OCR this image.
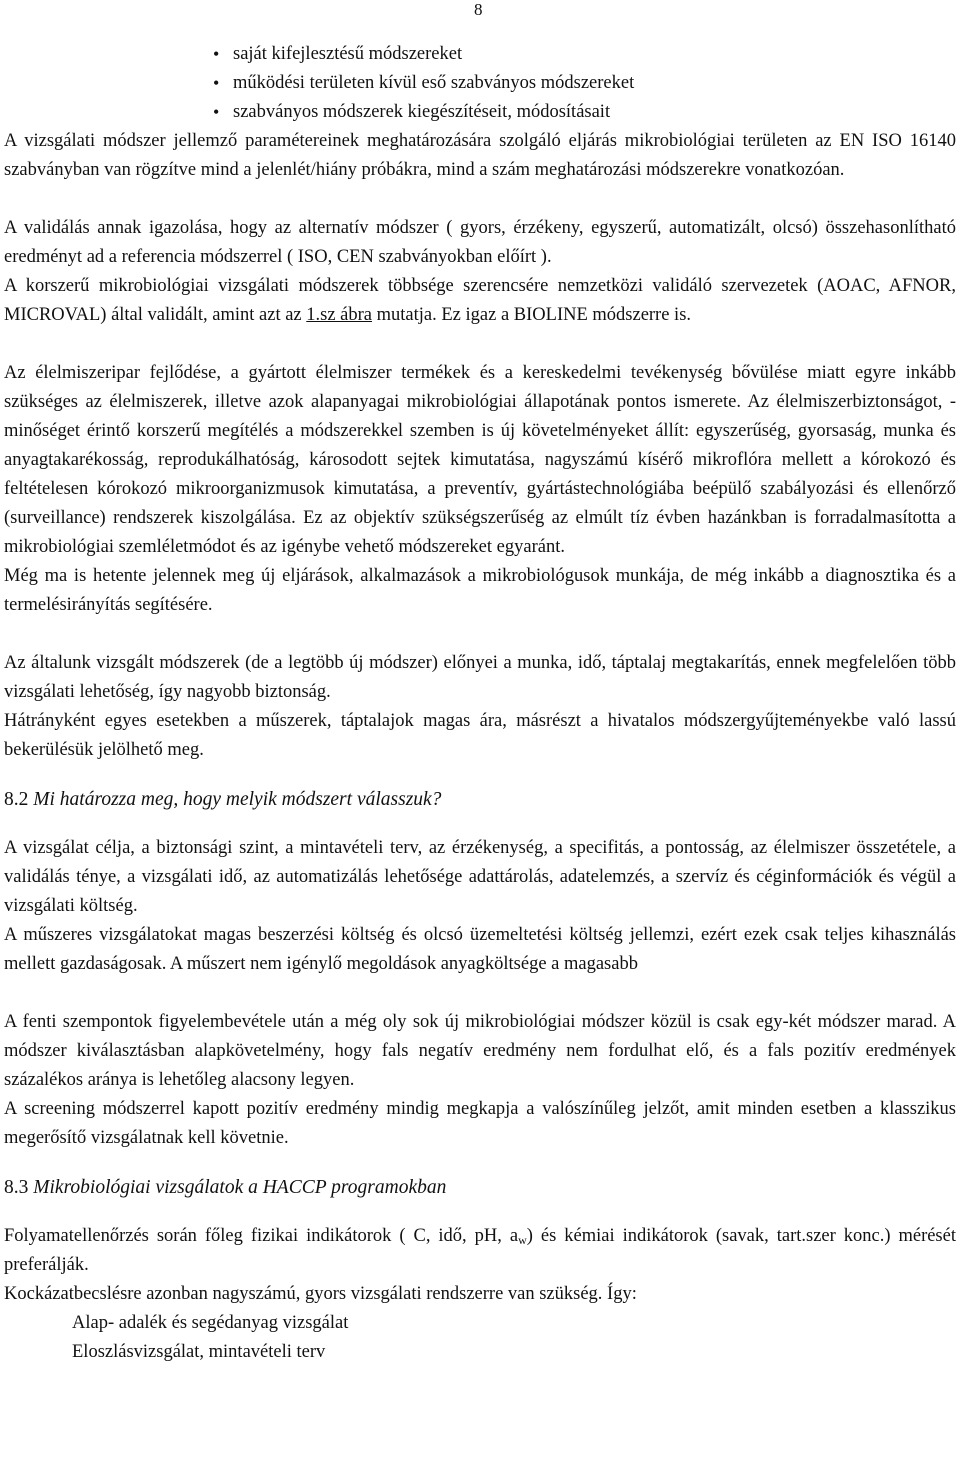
8
• saját kifejlesztésű módszereket
• működési területen kívül eső szabványos módszereket
• szabványos módszerek kiegészítéseit, módosításait

A vizsgálati módszer jellemző paramétereinek meghatározására szolgáló eljárás mikrobiológiai területen az EN ISO 16140 szabványban van rögzítve mind a jelenlét/hiány próbákra, mind a szám meghatározási módszerekre vonatkozóan.

A validálás annak igazolása, hogy az alternatív módszer ( gyors, érzékeny, egyszerű, automatizált, olcsó) összehasonlítható eredményt ad a referencia módszerrel ( ISO, CEN szabványokban előírt ).

A korszerű mikrobiológiai vizsgálati módszerek többsége szerencsére nemzetközi validáló szervezetek (AOAC, AFNOR, MICROVAL) által validált, amint azt az 1.sz ábra mutatja. Ez igaz a BIOLINE módszerre is.

Az élelmiszeripar fejlődése, a gyártott élelmiszer termékek és a kereskedelmi tevékenység bővülése miatt egyre inkább szükséges az élelmiszerek, illetve azok alapanyagai mikrobiológiai állapotának pontos ismerete. Az élelmiszerbiztonságot, -minőséget érintő korszerű megítélés a módszerekkel szemben is új követelményeket állít: egyszerűség, gyorsaság, munka és anyagtakarékosság, reprodukálhatóság, károsodott sejtek kimutatása, nagyszámú kísérő mikroflóra mellett a kórokozó és feltételesen kórokozó mikroorganizmusok kimutatása, a preventív, gyártástechnológiába beépülő szabályozási és ellenőrző (surveillance) rendszerek kiszolgálása. Ez az objektív szükségszerűség az elmúlt tíz évben hazánkban is forradalmasította a mikrobiológiai szemléletmódot és az igénybe vehető módszereket egyaránt.

Még ma is hetente jelennek meg új eljárások, alkalmazások a mikrobiológusok munkája, de még inkább a diagnosztika és a termelésirányítás segítésére.

Az általunk vizsgált módszerek (de a legtöbb új módszer) előnyei a munka, idő, táptalaj megtakarítás, ennek megfelelően több vizsgálati lehetőség, így nagyobb biztonság.

Hátrányként egyes esetekben a műszerek, táptalajok magas ára, másrészt a hivatalos módszergyűjteményekbe való lassú bekerülésük jelölhető meg.

8.2 Mi határozza meg, hogy melyik módszert válasszuk?

A vizsgálat célja, a biztonsági szint, a mintavételi terv, az érzékenység, a specifitás, a pontosság, az élelmiszer összetétele, a validálás ténye, a vizsgálati idő, az automatizálás lehetősége adattárolás, adatelemzés, a szervíz és céginformációk és végül a vizsgálati költség.

A műszeres vizsgálatokat magas beszerzési költség és olcsó üzemeltetési költség jellemzi, ezért ezek csak teljes kihasználás mellett gazdaságosak. A műszert nem igénylő megoldások anyagköltsége a magasabb

A fenti szempontok figyelembevétele után a még oly sok új mikrobiológiai módszer közül is csak egy-két módszer marad. A módszer kiválasztásban alapkövetelmény, hogy fals negatív eredmény nem fordulhat elő, és a fals pozitív eredmények százalékos aránya is lehetőleg alacsony legyen.

A screening módszerrel kapott pozitív eredmény mindig megkapja a valószínűleg jelzőt, amit minden esetben a klasszikus megerősítő vizsgálatnak kell követnie.

8.3 Mikrobiológiai vizsgálatok a HACCP programokban

Folyamatellenőrzés során főleg fizikai indikátorok ( C, idő, pH, $a_w$) és kémiai indikátorok (savak, tart.szer konc.) mérését preferálják.

Kockázatbecslésre azonban nagyszámú, gyors vizsgálati rendszerre van szükség. Így:

Alap- adalék és segédanyag vizsgálat

Eloszlásvizsgálat, mintavételi terv
